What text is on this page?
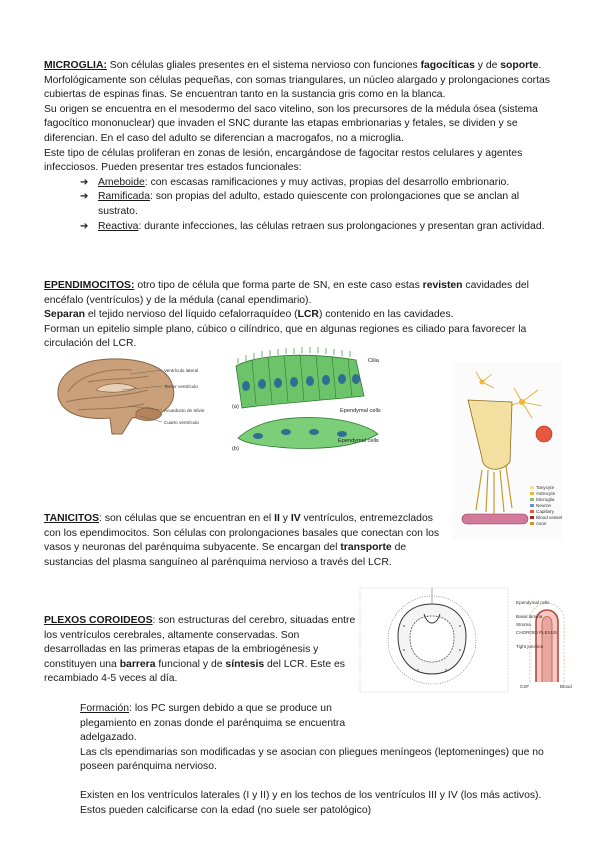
MICROGLIA: Son células gliales presentes en el sistema nervioso con funciones fagocíticas y de soporte. Morfológicamente son células pequeñas, con somas triangulares, un núcleo alargado y prolongaciones cortas cubiertas de espinas finas. Se encuentran tanto en la sustancia gris como en la blanca.

Su origen se encuentra en el mesodermo del saco vitelino, son los precursores de la médula ósea (sistema fagocítico mononuclear) que invaden el SNC durante las etapas embrionarias y fetales, se dividen y se diferencian. En el caso del adulto se diferencian a macrogafos, no a microglia.

Este tipo de células proliferan en zonas de lesión, encargándose de fagocitar restos celulares y agentes infecciosos. Pueden presentar tres estados funcionales:

➔ Ameboide: con escasas ramificaciones y muy activas, propias del desarrollo embrionario.
➔ Ramificada: son propias del adulto, estado quiescente con prolongaciones que se anclan al sustrato.
➔ Reactiva: durante infecciones, las células retraen sus prolongaciones y presentan gran actividad.

EPENDIMOCITOS: otro tipo de célula que forma parte de SN, en este caso estas revisten cavidades del encéfalo (ventrículos) y de la médula (canal ependimario).

Separan el tejido nervioso del líquido cefalorraquídeo (LCR) contenido en las cavidades.

Forman un epitelio simple plano, cúbico o cilíndrico, que en algunas regiones es ciliado para favorecer la circulación del LCR.

Ventrículo lateral
Tercer ventrículo
Acueducto de Silvio
Cuarto ventrículo
Cilia
Ependymal cells
Ependymal cells
(a)
(b)
Tanycyte
Astrocyte
Microglia
Neuron
Capillary
Blood vessel
Axon

TANICITOS: son células que se encuentran en el II y IV ventrículos, entremezclados con los ependimocitos. Son células con prolongaciones basales que conectan con los vasos y neuronas del parénquima subyacente. Se encargan del transporte de sustancias del plasma sanguíneo al parénquima nervioso a través del LCR.

PLEXOS COROIDEOS: son estructuras del cerebro, situadas entre los ventrículos cerebrales, altamente conservadas. Son desarrolladas en las primeras etapas de la embriogénesis y constituyen una barrera funcional y de síntesis del LCR. Este es recambiado 4-5 veces al día.

Ependymal cells
Basal lamina
Stroma
CHOROID PLEXUS
Tight junction
CSF	Blood

Formación: los PC surgen debido a que se produce un plegamiento en zonas donde el parénquima se encuentra adelgazado.

Las cls ependimarias son modificadas y se asocian con pliegues meníngeos (leptomeninges) que no poseen parénquima nervioso.

Existen en los ventrículos laterales (I y II) y en los techos de los ventrículos III y IV (los más activos). Estos pueden calcificarse con la edad (no suele ser patológico)
